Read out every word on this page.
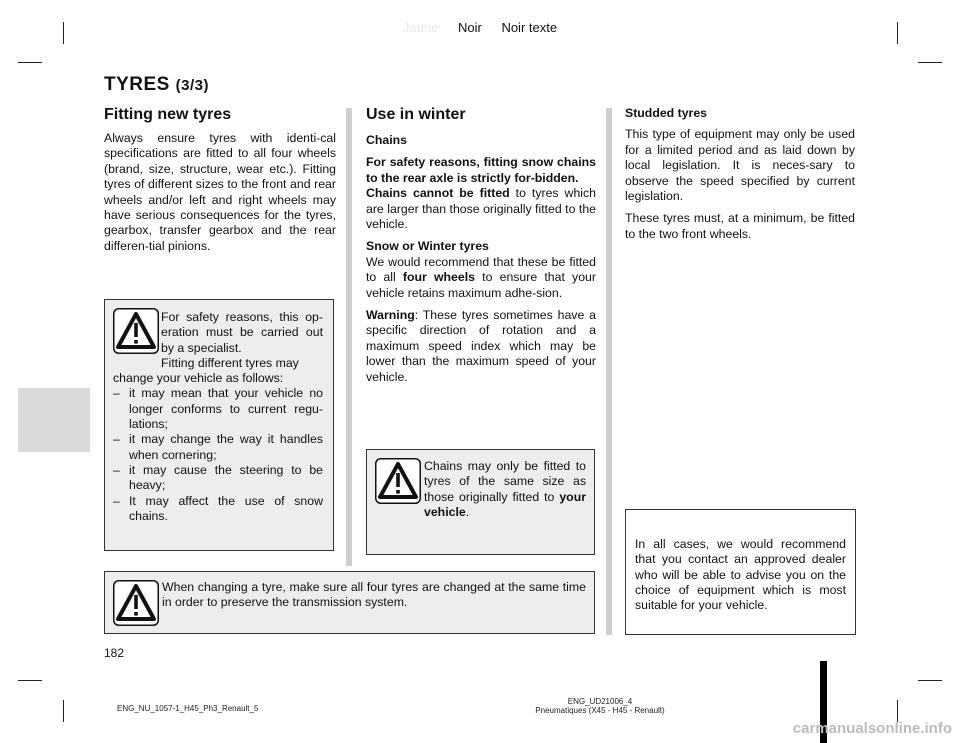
Jaune Noir Noir texte
TYRES (3/3)
Fitting new tyres

Always ensure tyres with identi-cal specifications are fitted to all four wheels (brand, size, structure, wear etc.). Fitting tyres of different sizes to the front and rear wheels and/or left and right wheels may have serious consequences for the tyres, gearbox, transfer gearbox and the rear differen-tial pinions.

For safety reasons, this op-eration must be carried out by a specialist.
Fitting different tyres may
change your vehicle as follows:
– it may mean that your vehicle no longer conforms to current regu-lations;
– it may change the way it handles when cornering;
– it may cause the steering to be heavy;
– It may affect the use of snow chains.
Use in winter

Chains

For safety reasons, fitting snow chains to the rear axle is strictly for-bidden.

Chains cannot be fitted to tyres which are larger than those originally fitted to the vehicle.

Snow or Winter tyres

We would recommend that these be fitted to all four wheels to ensure that your vehicle retains maximum adhe-sion.

Warning: These tyres sometimes have a specific direction of rotation and a maximum speed index which may be lower than the maximum speed of your vehicle.

Chains may only be fitted to tyres of the same size as those originally fitted to your vehicle.

Studded tyres

This type of equipment may only be used for a limited period and as laid down by local legislation. It is neces-sary to observe the speed specified by current legislation.

These tyres must, at a minimum, be fitted to the two front wheels.

In all cases, we would recommend that you contact an approved dealer who will be able to advise you on the choice of equipment which is most suitable for your vehicle.
When changing a tyre, make sure all four tyres are changed at the same time in order to preserve the transmission system.
182
ENG_NU_1057-1_H45_Ph3_Renault_5
ENG_UD21006_4
Pneumatiques (X45 - H45 - Renault)
carmanualsonline.info
